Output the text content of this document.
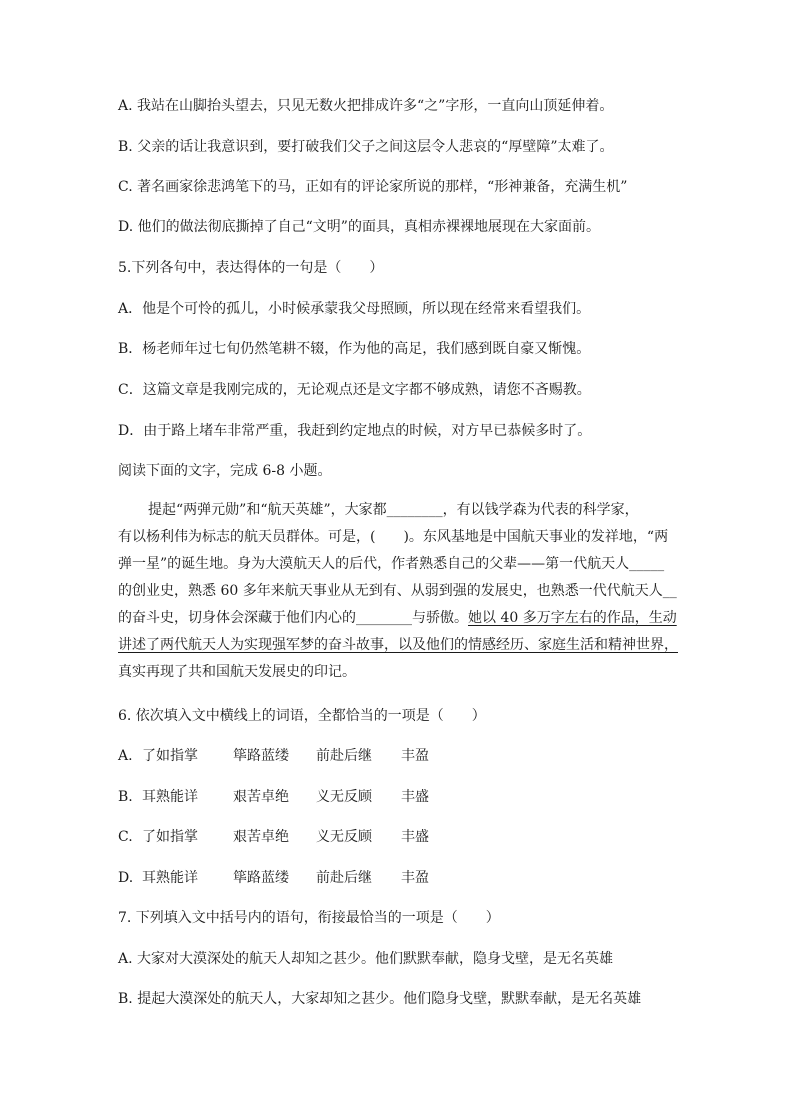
A. 我站在山脚抬头望去，只见无数火把排成许多“之”字形，一直向山顶延伸着。
B. 父亲的话让我意识到，要打破我们父子之间这层令人悲哀的“厚壁障”太难了。
C. 著名画家徐悲鸿笔下的马，正如有的评论家所说的那样，“形神兼备，充满生机”
D. 他们的做法彻底撕掉了自己“文明”的面具，真相赤裸裸地展现在大家面前。
5.下列各句中，表达得体的一句是（　　）
A．他是个可怜的孤儿，小时候承蒙我父母照顾，所以现在经常来看望我们。
B．杨老师年过七旬仍然笔耕不辍，作为他的高足，我们感到既自豪又惭愧。
C．这篇文章是我刚完成的，无论观点还是文字都不够成熟，请您不吝赐教。
D．由于路上堵车非常严重，我赶到约定地点的时候，对方早已恭候多时了。
阅读下面的文字，完成 6-8 小题。
提起“两弹元勋”和“航天英雄”，大家都________，有以钱学森为代表的科学家，
有以杨利伟为标志的航天员群体。可是，(　　)。东风基地是中国航天事业的发祥地，“两
弹一星”的诞生地。身为大漠航天人的后代，作者熟悉自己的父辈——第一代航天人_____
的创业史，熟悉 60 多年来航天事业从无到有、从弱到强的发展史，也熟悉一代代航天人__
的奋斗史，切身体会深藏于他们内心的________与骄傲。她以 40 多万字左右的作品，生动
讲述了两代航天人为实现强军梦的奋斗故事，以及他们的情感经历、家庭生活和精神世界，
真实再现了共和国航天发展史的印记。
6. 依次填入文中横线上的词语，全都恰当的一项是（　　）
A. 了如指掌	筚路蓝缕 前赴后继 丰盈
B. 耳熟能详	艰苦卓绝 义无反顾 丰盛
C. 了如指掌	艰苦卓绝 义无反顾 丰盛
D. 耳熟能详	筚路蓝缕 前赴后继 丰盈
7. 下列填入文中括号内的语句，衔接最恰当的一项是（　　）
A. 大家对大漠深处的航天人却知之甚少。他们默默奉献，隐身戈壁，是无名英雄
B. 提起大漠深处的航天人，大家却知之甚少。他们隐身戈壁，默默奉献，是无名英雄
